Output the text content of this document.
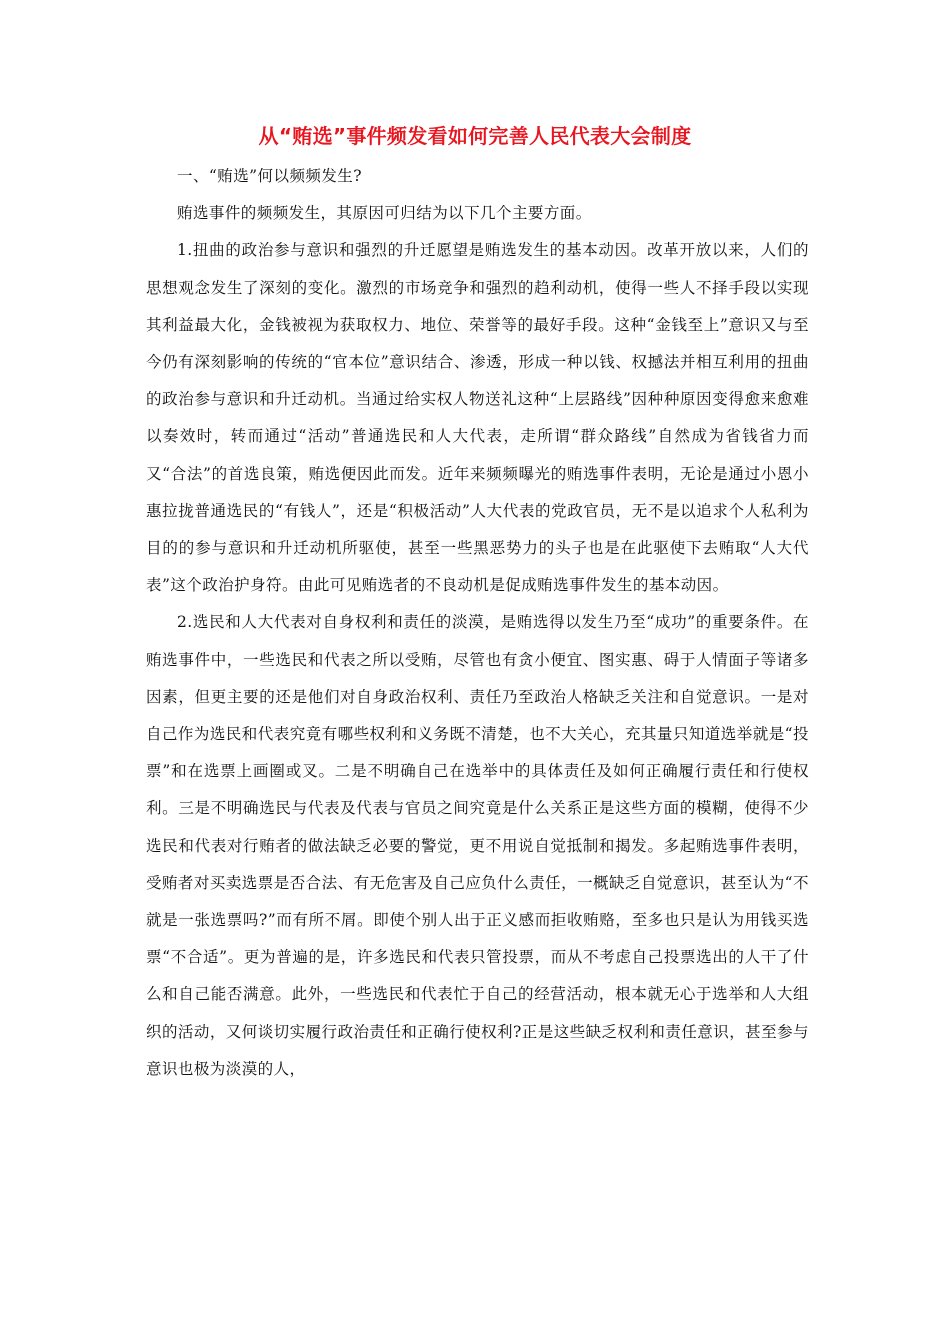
从“贿选”事件频发看如何完善人民代表大会制度

一、“贿选”何以频频发生?

贿选事件的频频发生，其原因可归结为以下几个主要方面。

1.扭曲的政治参与意识和强烈的升迁愿望是贿选发生的基本动因。改革开放以来，人们的思想观念发生了深刻的变化。激烈的市场竞争和强烈的趋利动机，使得一些人不择手段以实现其利益最大化，金钱被视为获取权力、地位、荣誉等的最好手段。这种“金钱至上”意识又与至今仍有深刻影响的传统的“官本位”意识结合、渗透，形成一种以钱、权撼法并相互利用的扭曲的政治参与意识和升迁动机。当通过给实权人物送礼这种“上层路线”因种种原因变得愈来愈难以奏效时，转而通过“活动”普通选民和人大代表，走所谓“群众路线”自然成为省钱省力而又“合法”的首选良策，贿选便因此而发。近年来频频曝光的贿选事件表明，无论是通过小恩小惠拉拢普通选民的“有钱人”，还是“积极活动”人大代表的党政官员，无不是以追求个人私利为目的的参与意识和升迁动机所驱使，甚至一些黑恶势力的头子也是在此驱使下去贿取“人大代表”这个政治护身符。由此可见贿选者的不良动机是促成贿选事件发生的基本动因。

2.选民和人大代表对自身权利和责任的淡漠，是贿选得以发生乃至“成功”的重要条件。在贿选事件中，一些选民和代表之所以受贿，尽管也有贪小便宜、图实惠、碍于人情面子等诸多因素，但更主要的还是他们对自身政治权利、责任乃至政治人格缺乏关注和自觉意识。一是对自己作为选民和代表究竟有哪些权利和义务既不清楚，也不大关心，充其量只知道选举就是“投票”和在选票上画圈或叉。二是不明确自己在选举中的具体责任及如何正确履行责任和行使权利。三是不明确选民与代表及代表与官员之间究竟是什么关系正是这些方面的模糊，使得不少选民和代表对行贿者的做法缺乏必要的警觉，更不用说自觉抵制和揭发。多起贿选事件表明，受贿者对买卖选票是否合法、有无危害及自己应负什么责任，一概缺乏自觉意识，甚至认为“不就是一张选票吗?”而有所不屑。即使个别人出于正义感而拒收贿赂，至多也只是认为用钱买选票“不合适”。更为普遍的是，许多选民和代表只管投票，而从不考虑自己投票选出的人干了什么和自己能否满意。此外，一些选民和代表忙于自己的经营活动，根本就无心于选举和人大组织的活动，又何谈切实履行政治责任和正确行使权利?正是这些缺乏权利和责任意识，甚至参与意识也极为淡漠的人，
